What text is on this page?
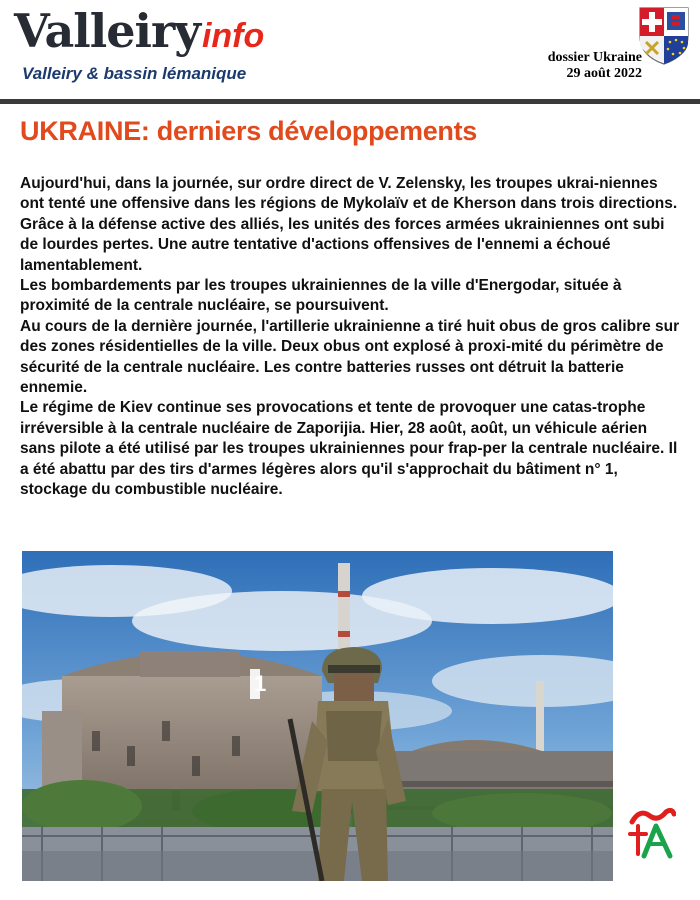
Valleiryinfo
Valleiry & bassin lémanique
dossier Ukraine
29 août 2022
UKRAINE: derniers développements

Aujourd'hui, dans la journée, sur ordre direct de V. Zelensky, les troupes ukrai-niennes ont tenté une offensive dans les régions de Mykolaïv et de Kherson dans trois directions.

Grâce à la défense active des alliés, les unités des forces armées ukrainiennes ont subi de lourdes pertes. Une autre tentative d'actions offensives de l'ennemi a échoué lamentablement.

Les bombardements par les troupes ukrainiennes de la ville d'Energodar, située à proximité de la centrale nucléaire, se poursuivent.

Au cours de la dernière journée, l'artillerie ukrainienne a tiré huit obus de gros calibre sur des zones résidentielles de la ville. Deux obus ont explosé à proxi-mité du périmètre de sécurité de la centrale nucléaire. Les contre batteries russes ont détruit la batterie ennemie.

Le régime de Kiev continue ses provocations et tente de provoquer une catas-trophe irréversible à la centrale nucléaire de Zaporijia. Hier, 28 août, août, un véhicule aérien sans pilote a été utilisé par les troupes ukrainiennes pour frap-per la centrale nucléaire. Il a été abattu par des tirs d'armes légères alors qu'il s'approchait du bâtiment n° 1, stockage du combustible nucléaire.

1
